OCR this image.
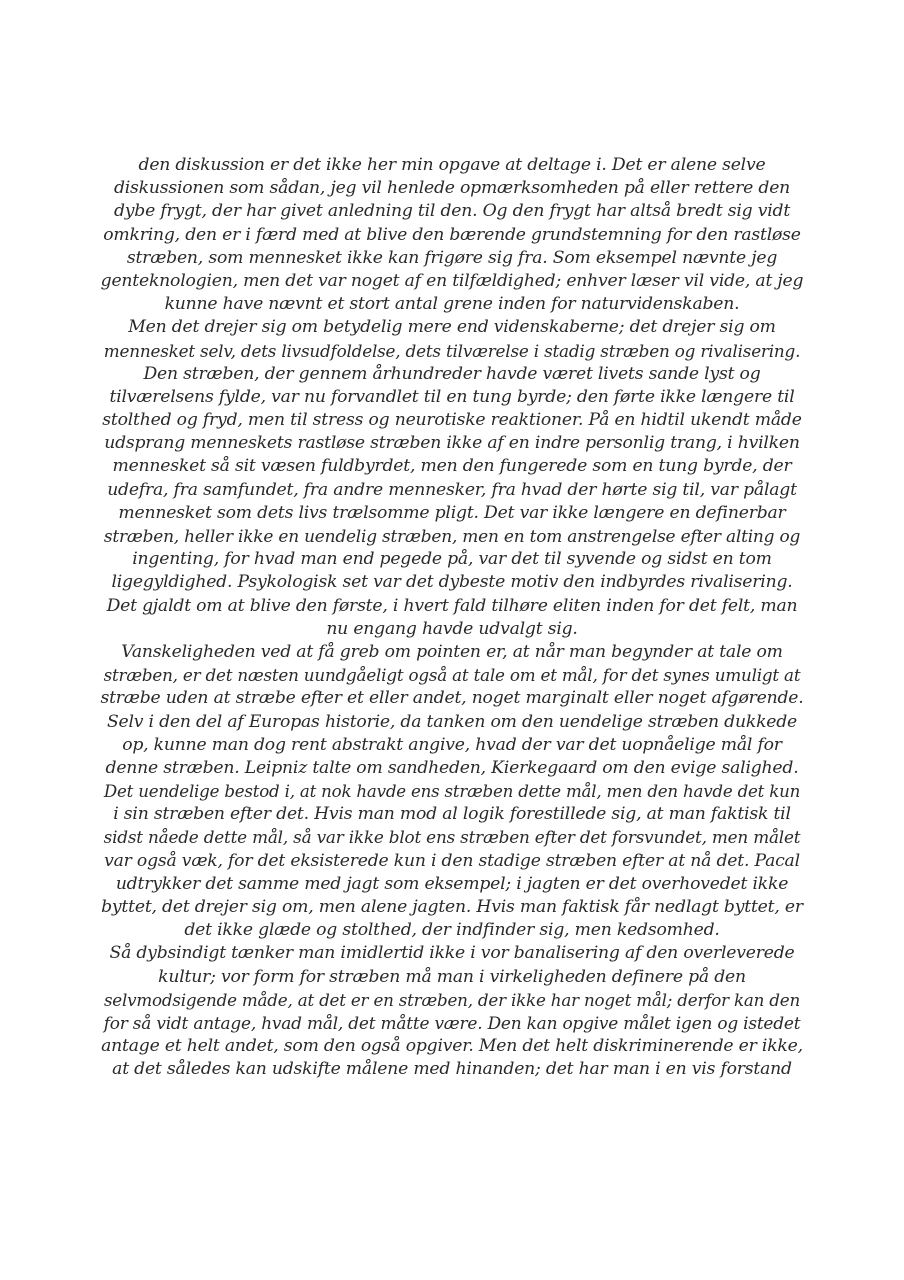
den diskussion er det ikke her min opgave at deltage i. Det er alene selve
diskussionen som sådan, jeg vil henlede opmærksomheden på eller rettere den
dybe frygt, der har givet anledning til den. Og den frygt har altså bredt sig vidt
omkring, den er i færd med at blive den bærende grundstemning for den rastløse
stræben, som mennesket ikke kan frigøre sig fra. Som eksempel nævnte jeg
genteknologien, men det var noget af en tilfældighed; enhver læser vil vide, at jeg
kunne have nævnt et stort antal grene inden for naturvidenskaben.
Men det drejer sig om betydelig mere end videnskaberne; det drejer sig om
mennesket selv, dets livsudfoldelse, dets tilværelse i stadig stræben og rivalisering.
Den stræben, der gennem århundreder havde været livets sande lyst og
tilværelsens fylde, var nu forvandlet til en tung byrde; den førte ikke længere til
stolthed og fryd, men til stress og neurotiske reaktioner. På en hidtil ukendt måde
udsprang menneskets rastløse stræben ikke af en indre personlig trang, i hvilken
mennesket så sit væsen fuldbyrdet, men den fungerede som en tung byrde, der
udefra, fra samfundet, fra andre mennesker, fra hvad der hørte sig til, var pålagt
mennesket som dets livs trælsomme pligt. Det var ikke længere en definerbar
stræben, heller ikke en uendelig stræben, men en tom anstrengelse efter alting og
ingenting, for hvad man end pegede på, var det til syvende og sidst en tom
ligegyldighed. Psykologisk set var det dybeste motiv den indbyrdes rivalisering.
Det gjaldt om at blive den første, i hvert fald tilhøre eliten inden for det felt, man
nu engang havde udvalgt sig.
Vanskeligheden ved at få greb om pointen er, at når man begynder at tale om
stræben, er det næsten uundgåeligt også at tale om et mål, for det synes umuligt at
stræbe uden at stræbe efter et eller andet, noget marginalt eller noget afgørende.
Selv i den del af Europas historie, da tanken om den uendelige stræben dukkede
op, kunne man dog rent abstrakt angive, hvad der var det uopnåelige mål for
denne stræben. Leipniz talte om sandheden, Kierkegaard om den evige salighed.
Det uendelige bestod i, at nok havde ens stræben dette mål, men den havde det kun
i sin stræben efter det. Hvis man mod al logik forestillede sig, at man faktisk til
sidst nåede dette mål, så var ikke blot ens stræben efter det forsvundet, men målet
var også væk, for det eksisterede kun i den stadige stræben efter at nå det. Pacal
udtrykker det samme med jagt som eksempel; i jagten er det overhovedet ikke
byttet, det drejer sig om, men alene jagten. Hvis man faktisk får nedlagt byttet, er
det ikke glæde og stolthed, der indfinder sig, men kedsomhed.
Så dybsindigt tænker man imidlertid ikke i vor banalisering af den overleverede
kultur; vor form for stræben må man i virkeligheden definere på den
selvmodsigende måde, at det er en stræben, der ikke har noget mål; derfor kan den
for så vidt antage, hvad mål, det måtte være. Den kan opgive målet igen og istedet
antage et helt andet, som den også opgiver. Men det helt diskriminerende er ikke,
at det således kan udskifte målene med hinanden; det har man i en vis forstand
